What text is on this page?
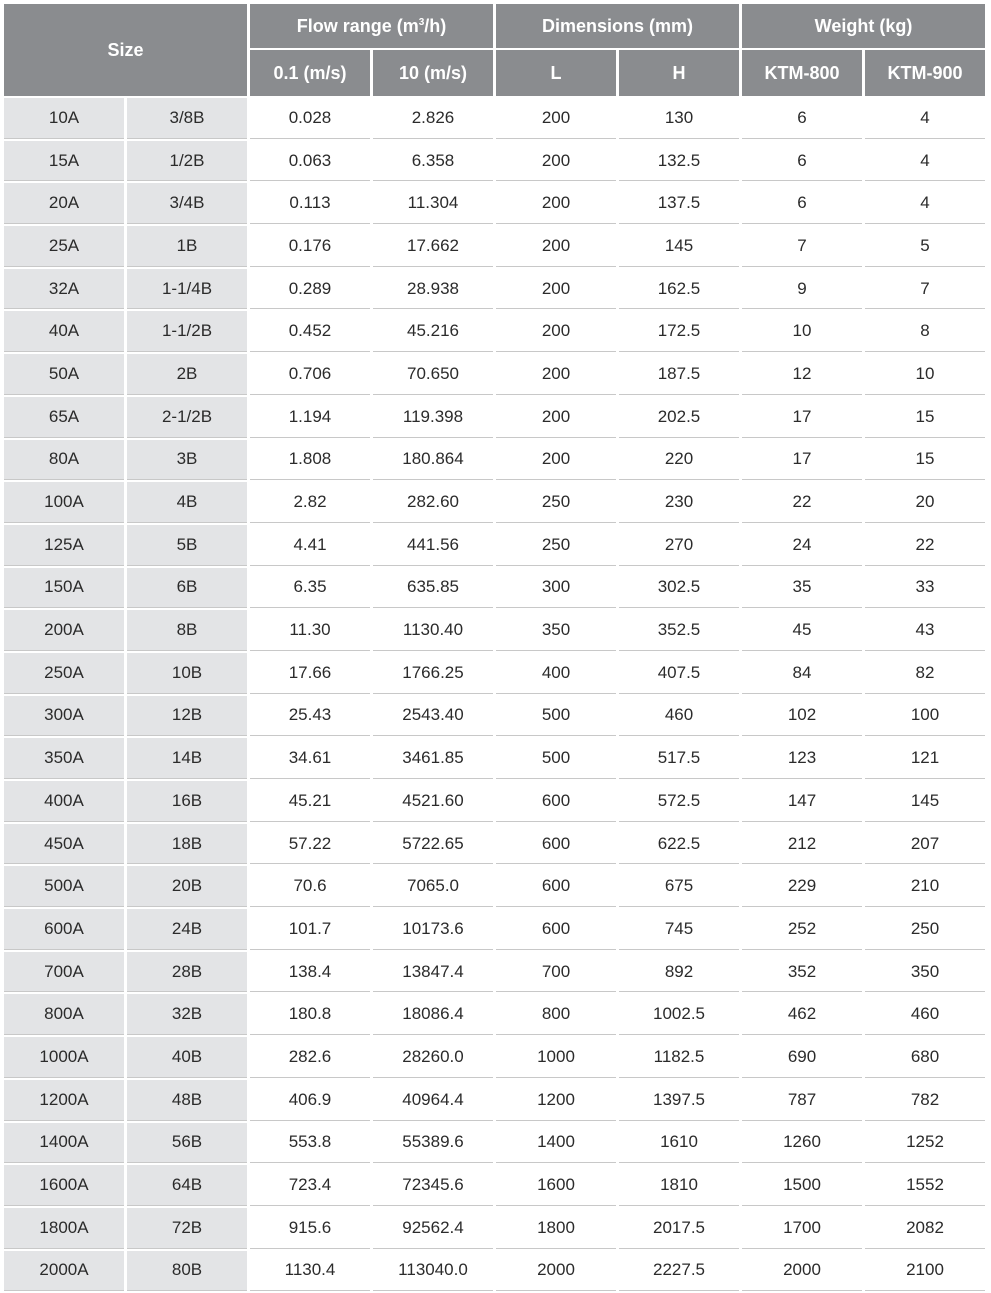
Size		Flow range $(m^3/h)$		Dimensions (mm)		Weight (kg)	
		0.1 (m/s)	10 (m/s)	L	H	KTM-800	KTM-900
10A	3/8B	0.028	2.826	200	130	6	4
15A	1/2B	0.063	6.358	200	132.5	6	4
20A	3/4B	0.113	11.304	200	137.5	6	4
25A	1B	0.176	17.662	200	145	7	5
32A	1-1/4B	0.289	28.938	200	162.5	9	7
40A	1-1/2B	0.452	45.216	200	172.5	10	8
50A	2B	0.706	70.650	200	187.5	12	10
65A	2-1/2B	1.194	119.398	200	202.5	17	15
80A	3B	1.808	180.864	200	220	17	15
100A	4B	2.82	282.60	250	230	22	20
125A	5B	4.41	441.56	250	270	24	22
150A	6B	6.35	635.85	300	302.5	35	33
200A	8B	11.30	1130.40	350	352.5	45	43
250A	10B	17.66	1766.25	400	407.5	84	82
300A	12B	25.43	2543.40	500	460	102	100
350A	14B	34.61	3461.85	500	517.5	123	121
400A	16B	45.21	4521.60	600	572.5	147	145
450A	18B	57.22	5722.65	600	622.5	212	207
500A	20B	70.6	7065.0	600	675	229	210
600A	24B	101.7	10173.6	600	745	252	250
700A	28B	138.4	13847.4	700	892	352	350
800A	32B	180.8	18086.4	800	1002.5	462	460
1000A	40B	282.6	28260.0	1000	1182.5	690	680
1200A	48B	406.9	40964.4	1200	1397.5	787	782
1400A	56B	553.8	55389.6	1400	1610	1260	1252
1600A	64B	723.4	72345.6	1600	1810	1500	1552
1800A	72B	915.6	92562.4	1800	2017.5	1700	2082
2000A	80B	1130.4	113040.0	2000	2227.5	2000	2100
